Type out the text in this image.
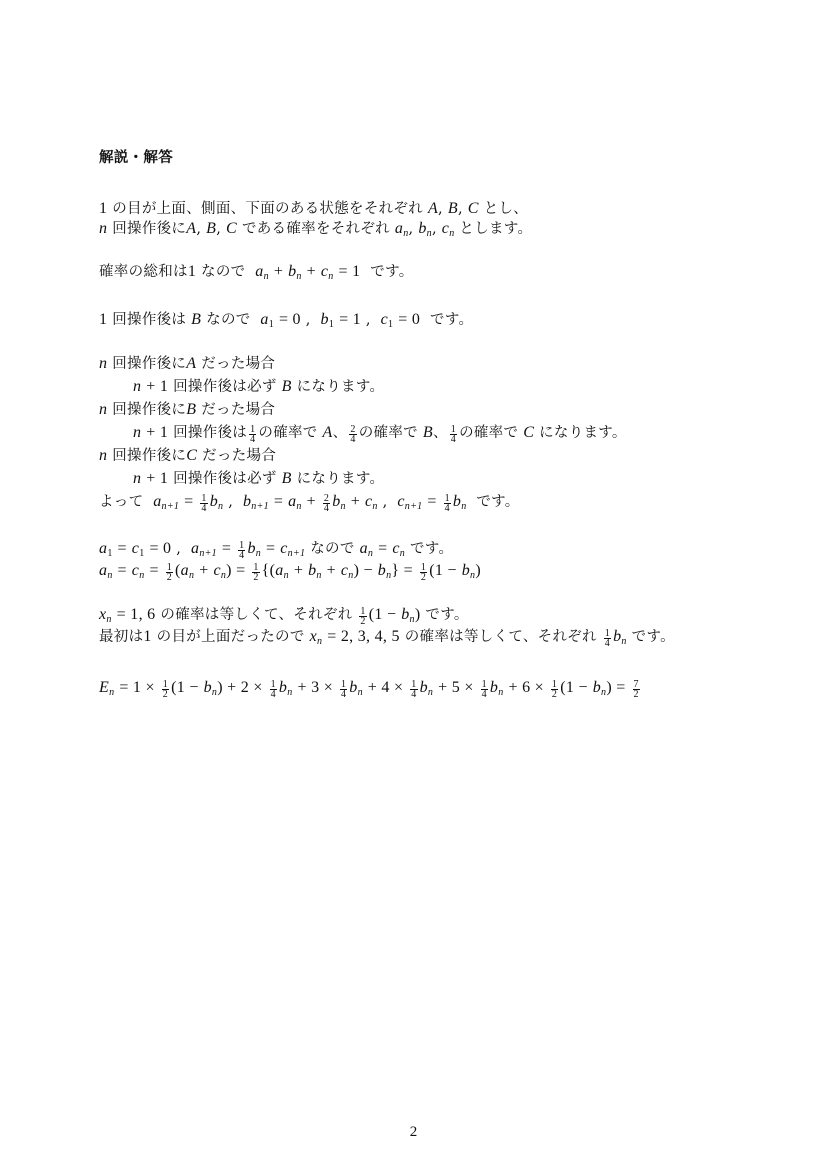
解説・解答
1 の目が上面、側面、下面のある状態をそれぞれ A, B, C とし、
n 回操作後にA, B, C である確率をそれぞれ $a_n$, $b_n$, $c_n$ とします。
確率の総和は1 なので $a_n + b_n + c_n = 1$ です。
1 回操作後は B なので $a_1 = 0$ ,  $b_1 = 1$ ,  $c_1 = 0$ です。
n 回操作後にA だった場合
n + 1 回操作後は必ず B になります。
n 回操作後にB だった場合
n + 1 回操作後は $\frac{1}{4}$ の確率で A、 $\frac{2}{4}$ の確率で B、 $\frac{1}{4}$ の確率で C になります。
n 回操作後にC だった場合
n + 1 回操作後は必ず B になります。
よって $a_{n+1} = \frac{1}{4} b_n$ ,  $b_{n+1} = a_n + \frac{2}{4} b_n + c_n$ ,  $c_{n+1} = \frac{1}{4} b_n$ です。
$a_1 = c_1 = 0$ ,  $a_{n+1} = \frac{1}{4} b_n = c_{n+1}$ なので $a_n = c_n$ です。
$a_n = c_n = \frac{1}{2} (a_n + c_n) = \frac{1}{2} \{(a_n + b_n + c_n) - b_n\} = \frac{1}{2} (1 - b_n)$
$x_n = 1$, 6 の確率は等しくて、それぞれ $\frac{1}{2} (1 - b_n)$ です。
最初は1 の目が上面だったので $x_n = 2$, 3, 4, 5 の確率は等しくて、それぞれ $\frac{1}{4} b_n$ です。
$E_n = 1 \times \frac{1}{2} (1 - b_n) + 2 \times \frac{1}{4} b_n + 3 \times \frac{1}{4} b_n + 4 \times \frac{1}{4} b_n + 5 \times \frac{1}{4} b_n + 6 \times \frac{1}{2} (1 - b_n) = \frac{7}{2}$
2
